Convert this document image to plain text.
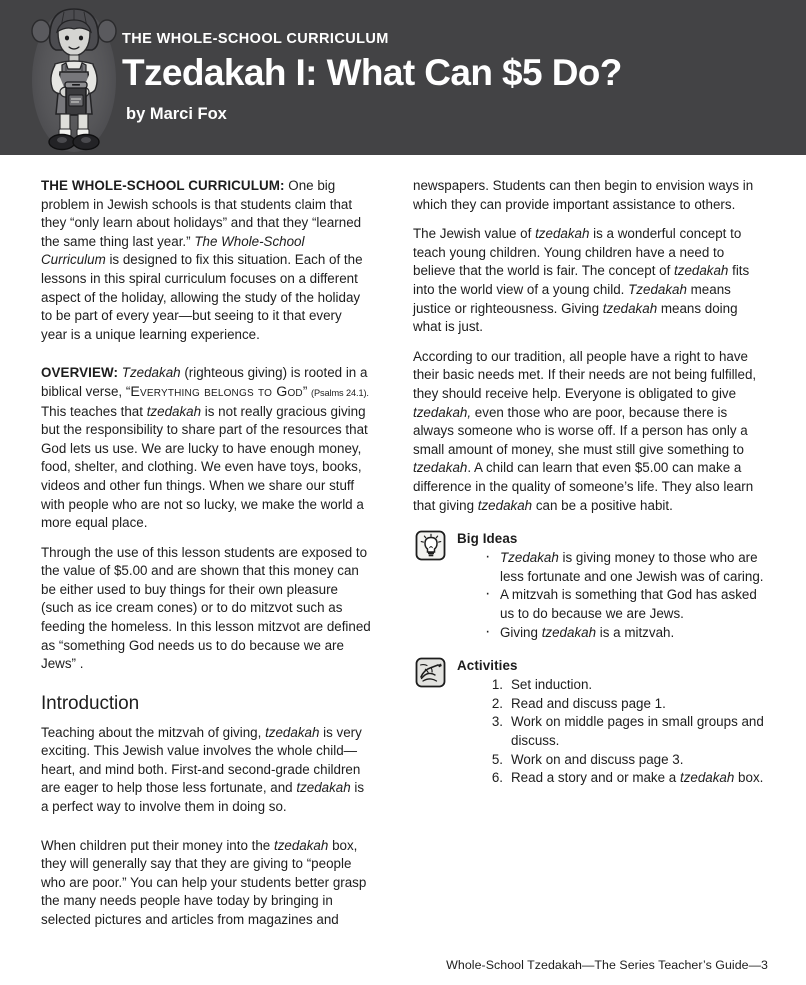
THE WHOLE-SCHOOL CURRICULUM
Tzedakah I: What Can $5 Do?
by Marci Fox

THE WHOLE-SCHOOL CURRICULUM: One big problem in Jewish schools is that students claim that they “only learn about holidays” and that they “learned the same thing last year.” The Whole-School Curriculum is designed to fix this situation. Each of the lessons in this spiral curriculum focuses on a different aspect of the holiday, allowing the study of the holiday to be part of every year—but seeing to it that every year is a unique learning experience.

OVERVIEW: Tzedakah (righteous giving) is rooted in a biblical verse, “Everything belongs to God” (Psalms 24.1). This teaches that tzedakah is not really gracious giving but the responsibility to share part of the resources that God lets us use. We are lucky to have enough money, food, shelter, and clothing. We even have toys, books, videos and other fun things. When we share our stuff with people who are not so lucky, we make the world a more equal place.

Through the use of this lesson students are exposed to the value of $5.00 and are shown that this money can be either used to buy things for their own pleasure (such as ice cream cones) or to do mitzvot such as feeding the homeless. In this lesson mitzvot are defined as “something God needs us to do because we are Jews” .

Introduction

Teaching about the mitzvah of giving, tzedakah is very exciting. This Jewish value involves the whole child—heart, and mind both. First-and second-grade children are eager to help those less fortunate, and tzedakah is a perfect way to involve them in doing so.

When children put their money into the tzedakah box, they will generally say that they are giving to “people who are poor.” You can help your students better grasp the many needs people have today by bringing in selected pictures and articles from magazines and

newspapers. Students can then begin to envision ways in which they can provide important assistance to others.

The Jewish value of tzedakah is a wonderful concept to teach young children. Young children have a need to believe that the world is fair. The concept of tzedakah fits into the world view of a young child. Tzedakah means justice or righteousness. Giving tzedakah means doing what is just.

According to our tradition, all people have a right to have their basic needs met. If their needs are not being fulfilled, they should receive help. Everyone is obligated to give tzedakah, even those who are poor, because there is always someone who is worse off. If a person has only a small amount of money, she must still give something to tzedakah. A child can learn that even $5.00 can make a difference in the quality of someone’s life. They also learn that giving tzedakah can be a positive habit.

Big Ideas
· Tzedakah is giving money to those who are less fortunate and one Jewish was of caring.
· A mitzvah is something that God has asked us to do because we are Jews.
· Giving tzedakah is a mitzvah.
Activities
1. Set induction.
2. Read and discuss page 1.
3. Work on middle pages in small groups and discuss.
5. Work on and discuss page 3.
6. Read a story and or make a tzedakah box.
Whole-School Tzedakah—The Series Teacher’s Guide—3
